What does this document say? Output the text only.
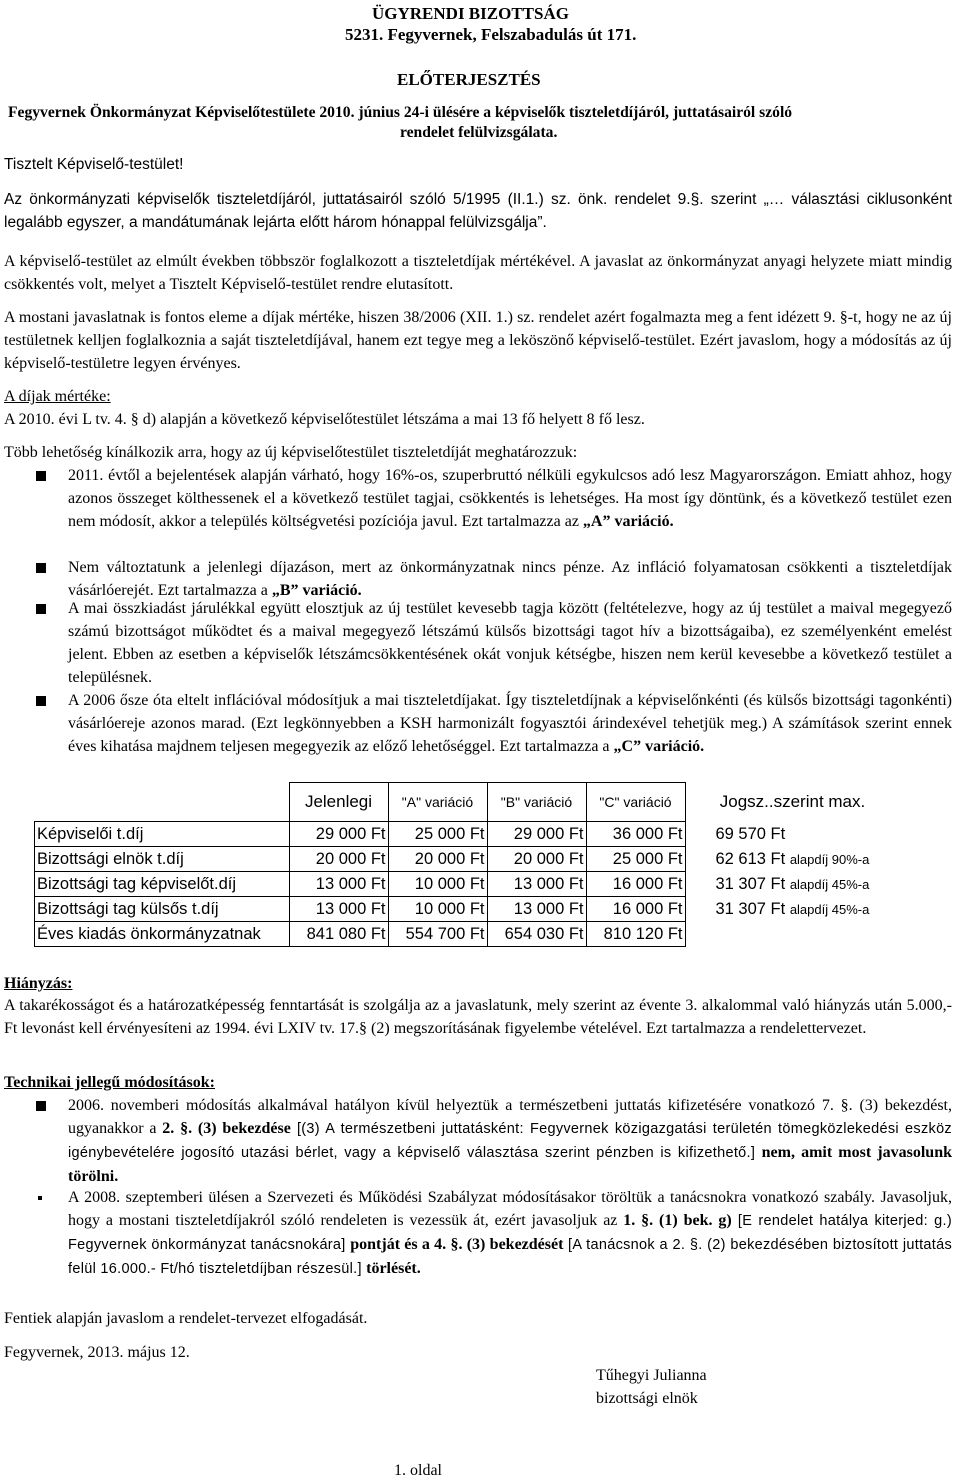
ÜGYRENDI BIZOTTSÁG
5231. Fegyvernek, Felszabadulás út 171.
ELŐTERJESZTÉS
Fegyvernek Önkormányzat Képviselőtestülete 2010. június 24-i ülésére a képviselők tiszteletdíjáról, juttatásairól szóló
rendelet felülvizsgálata.
Tisztelt Képviselő-testület!
Az önkormányzati képviselők tiszteletdíjáról, juttatásairól szóló 5/1995 (II.1.) sz. önk. rendelet 9.§. szerint „… választási ciklusonként legalább egyszer, a mandátumának lejárta előtt három hónappal felülvizsgálja”.
A képviselő-testület az elmúlt években többször foglalkozott a tiszteletdíjak mértékével. A javaslat az önkormányzat anyagi helyzete miatt mindig csökkentés volt, melyet a Tisztelt Képviselő-testület rendre elutasított.
A mostani javaslatnak is fontos eleme a díjak mértéke, hiszen 38/2006 (XII. 1.) sz. rendelet azért fogalmazta meg a fent idézett 9. §-t, hogy ne az új testületnek kelljen foglalkoznia a saját tiszteletdíjával, hanem ezt tegye meg a leköszönő képviselő-testület. Ezért javaslom, hogy a módosítás az új képviselő-testületre legyen érvényes.
A díjak mértéke:
A 2010. évi L tv. 4. § d) alapján a következő képviselőtestület létszáma a mai 13 fő helyett 8 fő lesz.
Több lehetőség kínálkozik arra, hogy az új képviselőtestület tiszteletdíját meghatározzuk:
2011. évtől a bejelentések alapján várható, hogy 16%-os, szuperbruttó nélküli egykulcsos adó lesz Magyarországon. Emiatt ahhoz, hogy azonos összeget költhessenek el a következő testület tagjai, csökkentés is lehetséges. Ha most így döntünk, és a következő testület ezen nem módosít, akkor a település költségvetési pozíciója javul. Ezt tartalmazza az „A” variáció.
Nem változtatunk a jelenlegi díjazáson, mert az önkormányzatnak nincs pénze. Az infláció folyamatosan csökkenti a tiszteletdíjak vásárlóerejét. Ezt tartalmazza a „B” variáció.
A mai összkiadást járulékkal együtt elosztjuk az új testület kevesebb tagja között (feltételezve, hogy az új testület a maival megegyező számú bizottságot működtet és a maival megegyező létszámú külsős bizottsági tagot hív a bizottságaiba), ez személyenként emelést jelent. Ebben az esetben a képviselők létszámcsökkentésének okát vonjuk kétségbe, hiszen nem kerül kevesebbe a következő testület a településnek.
A 2006 ősze óta eltelt inflációval módosítjuk a mai tiszteletdíjakat. Így tiszteletdíjnak a képviselőnkénti (és külsős bizottsági tagonkénti) vásárlóereje azonos marad. (Ezt legkönnyebben a KSH harmonizált fogyasztói árindexével tehetjük meg.) A számítások szerint ennek éves kihatása majdnem teljesen megegyezik az előző lehetőséggel. Ezt tartalmazza a „C” variáció.
	Jelenlegi	"A" variáció	"B" variáció	"C" variáció	Jogsz..szerint max.
Képviselői t.díj	29 000 Ft	25 000 Ft	29 000 Ft	36 000 Ft	69 570 Ft
Bizottsági elnök t.díj	20 000 Ft	20 000 Ft	20 000 Ft	25 000 Ft	62 613 Ft alapdíj 90%-a
Bizottsági tag képviselőt.díj	13 000 Ft	10 000 Ft	13 000 Ft	16 000 Ft	31 307 Ft alapdíj 45%-a
Bizottsági tag külsős t.díj	13 000 Ft	10 000 Ft	13 000 Ft	16 000 Ft	31 307 Ft alapdíj 45%-a
Éves kiadás önkormányzatnak	841 080 Ft	554 700 Ft	654 030 Ft	810 120 Ft	
Hiányzás:
A takarékosságot és a határozatképesség fenntartását is szolgálja az a javaslatunk, mely szerint az évente 3. alkalommal való hiányzás után 5.000,-Ft levonást kell érvényesíteni az 1994. évi LXIV tv. 17.§ (2) megszorításának figyelembe vételével. Ezt tartalmazza a rendelettervezet.
Technikai jellegű módosítások:
2006. novemberi módosítás alkalmával hatályon kívül helyeztük a természetbeni juttatás kifizetésére vonatkozó 7. §. (3) bekezdést, ugyanakkor a 2. §. (3) bekezdése [(3) A természetbeni juttatásként: Fegyvernek közigazgatási területén tömegközlekedési eszköz igénybevételére jogosító utazási bérlet, vagy a képviselő választása szerint pénzben is kifizethető.] nem, amit most javasolunk törölni.
A 2008. szeptemberi ülésen a Szervezeti és Működési Szabályzat módosításakor töröltük a tanácsnokra vonatkozó szabály. Javasoljuk, hogy a mostani tiszteletdíjakról szóló rendeleten is vezessük át, ezért javasoljuk az 1. §. (1) bek. g) [E rendelet hatálya kiterjed: g.) Fegyvernek önkormányzat tanácsnokára] pontját és a 4. §. (3) bekezdését [A tanácsnok a 2. §. (2) bekezdésében biztosított juttatás felül 16.000.- Ft/hó tiszteletdíjban részesül.] törlését.
Fentiek alapján javaslom a rendelet-tervezet elfogadását.
Fegyvernek, 2013. május 12.
Tűhegyi Julianna
bizottsági elnök
1. oldal
